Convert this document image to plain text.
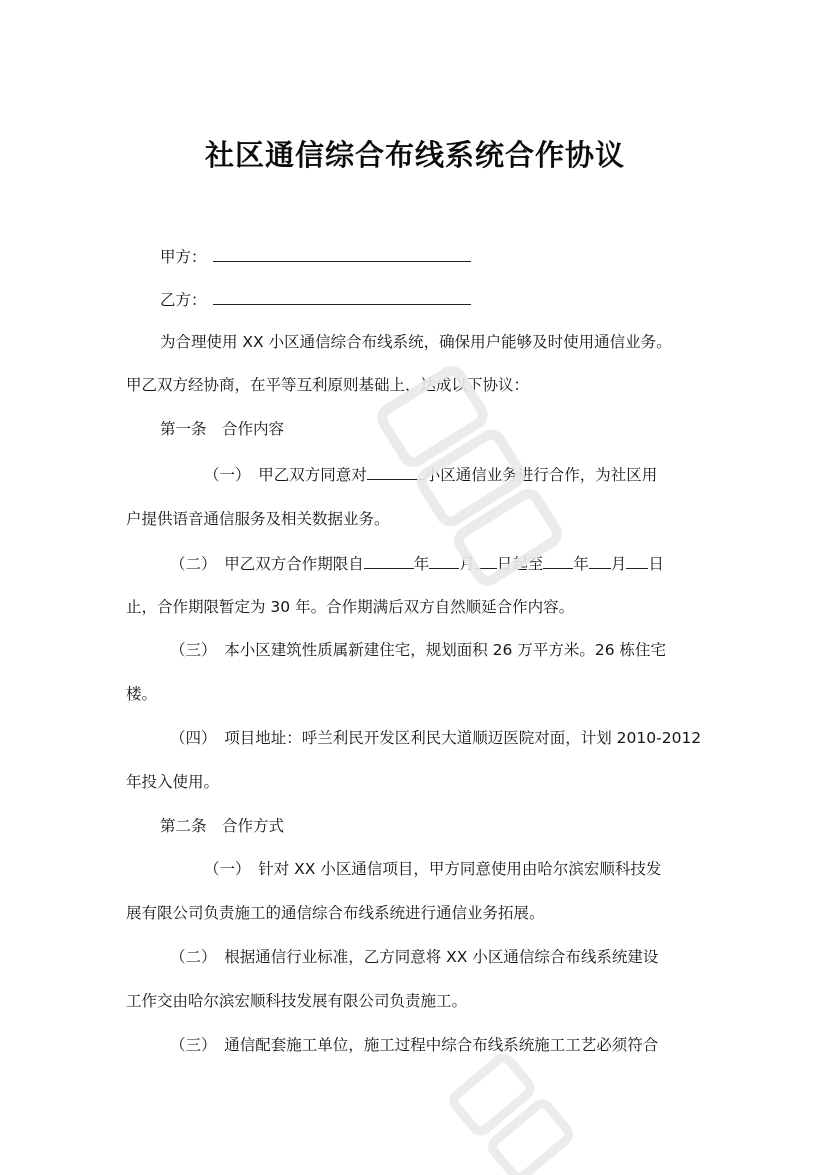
社区通信综合布线系统合作协议
甲方：
乙方：
为合理使用 XX 小区通信综合布线系统，确保用户能够及时使用通信业务。
甲乙双方经协商，在平等互利原则基础上，达成以下协议：
第一条　合作内容
（一）　甲乙双方同意对	小区通信业务进行合作，为社区用
户提供语音通信服务及相关数据业务。
（二）　甲乙双方合作期限自	年 月 日起至 年 月 日
止，合作期限暂定为 30 年。合作期满后双方自然顺延合作内容。
（三）　本小区建筑性质属新建住宅，规划面积 26 万平方米。26 栋住宅
楼。
（四）　项目地址：呼兰利民开发区利民大道顺迈医院对面，计划 2010-2012
年投入使用。
第二条　合作方式
（一）　针对 XX 小区通信项目，甲方同意使用由哈尔滨宏顺科技发
展有限公司负责施工的通信综合布线系统进行通信业务拓展。
（二）　根据通信行业标准，乙方同意将 XX 小区通信综合布线系统建设
工作交由哈尔滨宏顺科技发展有限公司负责施工。
（三）　通信配套施工单位，施工过程中综合布线系统施工工艺必须符合
